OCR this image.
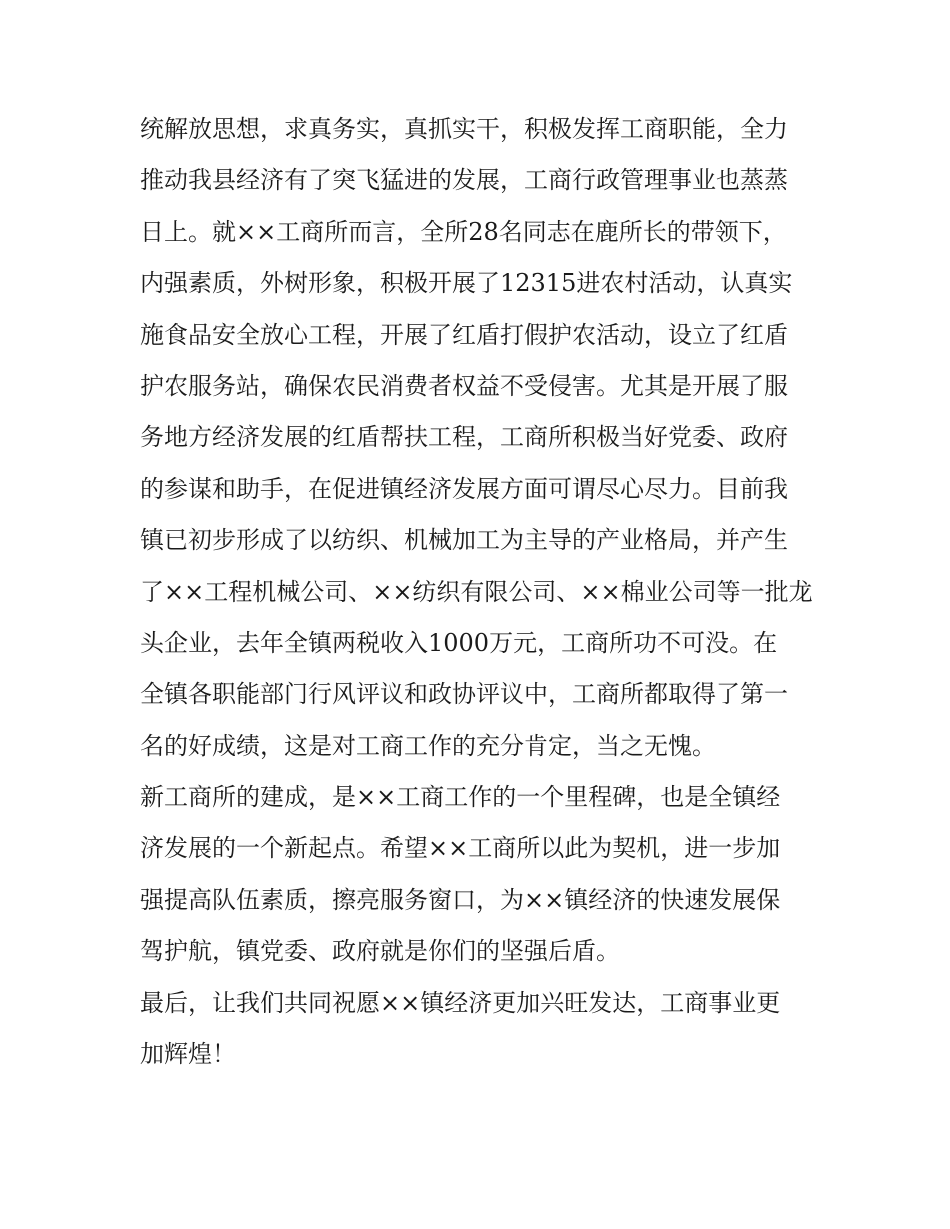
统解放思想，求真务实，真抓实干，积极发挥工商职能，全力
推动我县经济有了突飞猛进的发展，工商行政管理事业也蒸蒸
日上。就××工商所而言，全所28名同志在鹿所长的带领下，
内强素质，外树形象，积极开展了12315进农村活动，认真实
施食品安全放心工程，开展了红盾打假护农活动，设立了红盾
护农服务站，确保农民消费者权益不受侵害。尤其是开展了服
务地方经济发展的红盾帮扶工程，工商所积极当好党委、政府
的参谋和助手，在促进镇经济发展方面可谓尽心尽力。目前我
镇已初步形成了以纺织、机械加工为主导的产业格局，并产生
了××工程机械公司、××纺织有限公司、××棉业公司等一批龙
头企业，去年全镇两税收入1000万元，工商所功不可没。在
全镇各职能部门行风评议和政协评议中，工商所都取得了第一
名的好成绩，这是对工商工作的充分肯定，当之无愧。
新工商所的建成，是××工商工作的一个里程碑，也是全镇经
济发展的一个新起点。希望××工商所以此为契机，进一步加
强提高队伍素质，擦亮服务窗口，为××镇经济的快速发展保
驾护航，镇党委、政府就是你们的坚强后盾。
最后，让我们共同祝愿××镇经济更加兴旺发达，工商事业更
加辉煌！
